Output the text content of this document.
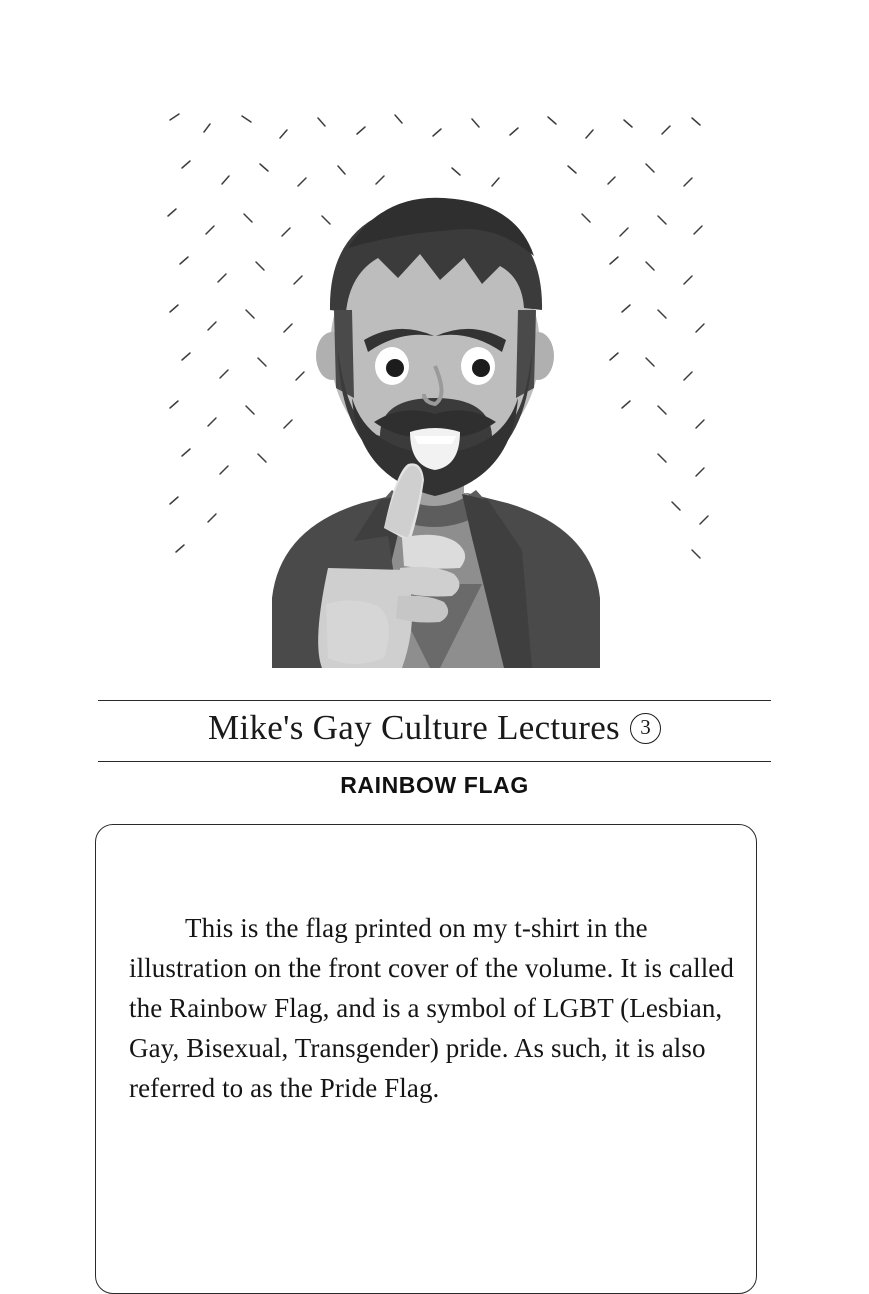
Mike's Gay Culture Lectures 3
RAINBOW FLAG
This is the flag printed on my t-shirt in the illustration on the front cover of the volume. It is called the Rainbow Flag, and is a symbol of LGBT (Lesbian, Gay, Bisexual, Transgender) pride. As such, it is also referred to as the Pride Flag.
